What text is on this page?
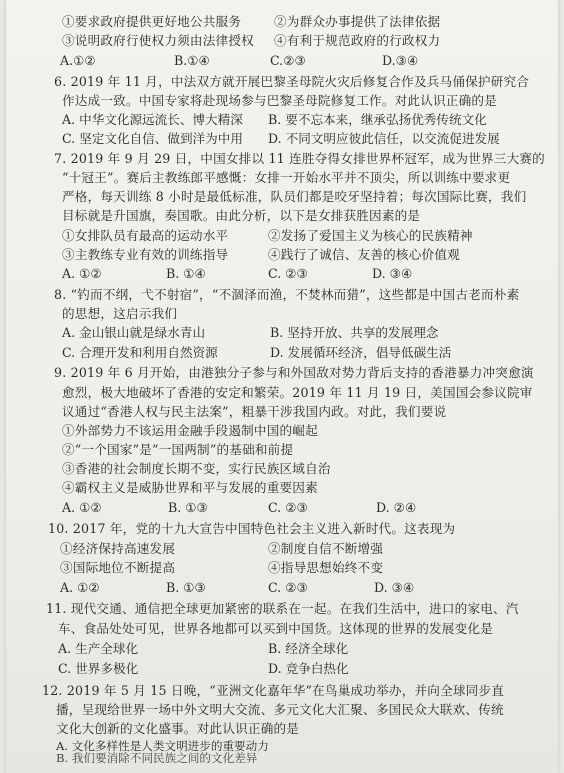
①要求政府提供更好地公共服务	②为群众办事提供了法律依据
③说明政府行使权力须由法律授权 ④有利于规范政府的行政权力
A.①②	B.①④	C.②③	D.③④
6. 2019 年 11 月，中法双方就开展巴黎圣母院火灾后修复合作及兵马俑保护研究合
作达成一致。中国专家将赴现场参与巴黎圣母院修复工作。对此认识正确的是
A. 中华文化源远流长、博大精深 B. 要不忘本来，继承弘扬优秀传统文化
C. 坚定文化自信、做到洋为中用 D. 不同文明应彼此信任，以交流促进发展
7. 2019 年 9 月 29 日，中国女排以 11 连胜夺得女排世界杯冠军，成为世界三大赛的
“十冠王”。赛后主教练郎平感慨：女排一开始水平并不顶尖，所以训练中要求更
严格，每天训练 8 小时是最低标准，队员们都是咬牙坚持着；每次国际比赛，我们
目标就是升国旗，奏国歌。由此分析，以下是女排获胜因素的是
①女排队员有最高的运动水平	②发扬了爱国主义为核心的民族精神
③主教练专业有效的训练指导	④践行了诚信、友善的核心价值观
A. ①②	B. ①④	C. ②③	D. ③④
8. “钓而不纲，弋不射宿”，“不涸泽而渔，不焚林而猎”，这些都是中国古老而朴素
的思想，这启示我们
A. 金山银山就是绿水青山	B. 坚持开放、共享的发展理念
C. 合理开发和利用自然资源	D. 发展循环经济，倡导低碳生活
9. 2019 年 6 月开始，由港独分子参与和外国敌对势力背后支持的香港暴力冲突愈演
愈烈，极大地破坏了香港的安定和繁荣。2019 年 11 月 19 日，美国国会参议院审
议通过“香港人权与民主法案”，粗暴干涉我国内政。对此，我们要说
①外部势力不该运用金融手段遏制中国的崛起
②“一个国家”是“一国两制”的基础和前提
③香港的社会制度长期不变，实行民族区域自治
④霸权主义是威胁世界和平与发展的重要因素
A. ①②	B. ①③	C. ②③	D. ②④
10. 2017 年，党的十九大宣告中国特色社会主义进入新时代。这表现为
①经济保持高速发展	②制度自信不断增强
③国际地位不断提高	④指导思想始终不变
A. ①②	B. ①③	C. ②③	D. ③④
11. 现代交通、通信把全球更加紧密的联系在一起。在我们生活中，进口的家电、汽
车、食品处处可见，世界各地都可以买到中国货。这体现的世界的发展变化是
A. 生产全球化	B. 经济全球化
C. 世界多极化	D. 竞争白热化
12. 2019 年 5 月 15 日晚，“亚洲文化嘉年华”在鸟巢成功举办，并向全球同步直
播，呈现给世界一场中外文明大交流、多元文化大汇聚、多国民众大联欢、传统
文化大创新的文化盛事。对此认识正确的是
A. 文化多样性是人类文明进步的重要动力
B. 我们要消除不同民族之间的文化差异
